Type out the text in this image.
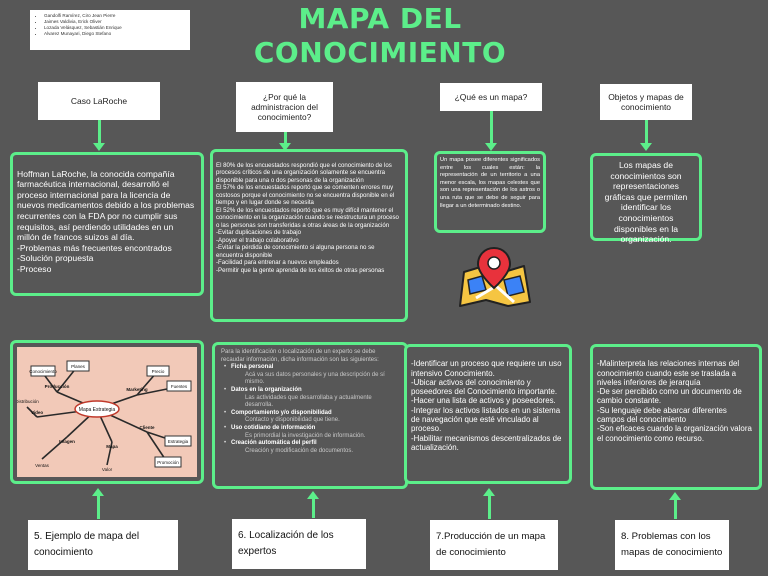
• Gandolfi Ramírez, Ciro Jean Pierre
• Jaimes Valdivia, Erick Oliver
• Lozada Velásquez, Sebastián Enrique
• Alvarez Munayari, Diego Stefano	MAPA DEL
CONOCIMIENTO
Caso LaRoche	¿Por qué la administracion del conocimiento?
¿Qué es un mapa?	Objetos y mapas de conocimiento

Hoffman LaRoche, la conocida compañía farmacéutica internacional, desarrolló el proceso internacional para la licencia de nuevos medicamentos debido a los problemas recurrentes con la FDA por no cumplir sus requisitos, así perdiendo utilidades en un millón de francos suizos al día.
-Problemas más frecuentes encontrados
-Solución propuesta
-Proceso

El 80% de los encuestados respondió que el conocimiento de los procesos críticos de una organización solamente se encuentra disponible para una o dos personas de la organización
El 57% de los encuestados reportó que se comenten errores muy costosos porque el conocimiento no se encuentra disponible en el tiempo y en lugar donde se necesita
El 52% de los encuestados reportó que es muy difícil mantener el conocimiento en la organización cuando se reestructura un proceso o las personas son transferidas a otras áreas de la organización
-Evitar duplicaciones de trabajo
-Apoyar el trabajo colaborativo
-Evitar la pérdida de conocimiento si alguna persona no se encuentra disponible
-Facilidad para entrenar a nuevos empleados
-Permitir que la gente aprenda de los éxitos de otras personas

Un mapa posee diferentes significados entre los cuales están: la representación de un territorio a una menor escala, los mapas celestes que son una representación de los astros o una ruta que se debe de seguir para llegar a un determinado destino.
Los mapas de conocimientos son representaciones gráficas que permiten identificar los conocimientos disponibles en la organización.
Mapa Estrategia
Conocimiento
Planes
Precio
Fuentes
Producción
Marketing
Video
Imagen
Ventas
Mapa
Valor
Cliente
Estrategia
Promoción
Distribución
Para la identificación o localización de un experto se debe recaudar información, dicha información son las siguientes:
• Ficha personal
Acá va sus datos personales y una descripción de sí mismo.
• Datos en la organización
Las actividades que desarrollaba y actualmente desarrolla.
• Comportamiento y/o disponibilidad
Contacto y disponibilidad que tiene.
• Uso cotidiano de información
Es primordial la investigación de información.
• Creación automática del perfil
Creación y modificación de documentos.

-Identificar un proceso que requiere un uso intensivo Conocimiento.
-Ubicar activos del conocimiento y poseedores del Conocimiento importante.
-Hacer una lista de activos y poseedores.
-Integrar los activos listados en un sistema de navegación que esté vinculado al proceso.
-Habilitar mecanismos descentralizados de actualización.

-Malinterpreta las relaciones internas del conocimiento cuando este se traslada a niveles inferiores de jerarquía
-De ser percibido como un documento de cambio constante.
-Su lenguaje debe abarcar diferentes campos del conocimiento
-Son eficaces cuando la organización valora el conocimiento como recurso.

5. Ejemplo de mapa del conocimiento
6. Localización de los expertos
7.Producción de un mapa de conocimiento
8. Problemas con los mapas de conocimiento
